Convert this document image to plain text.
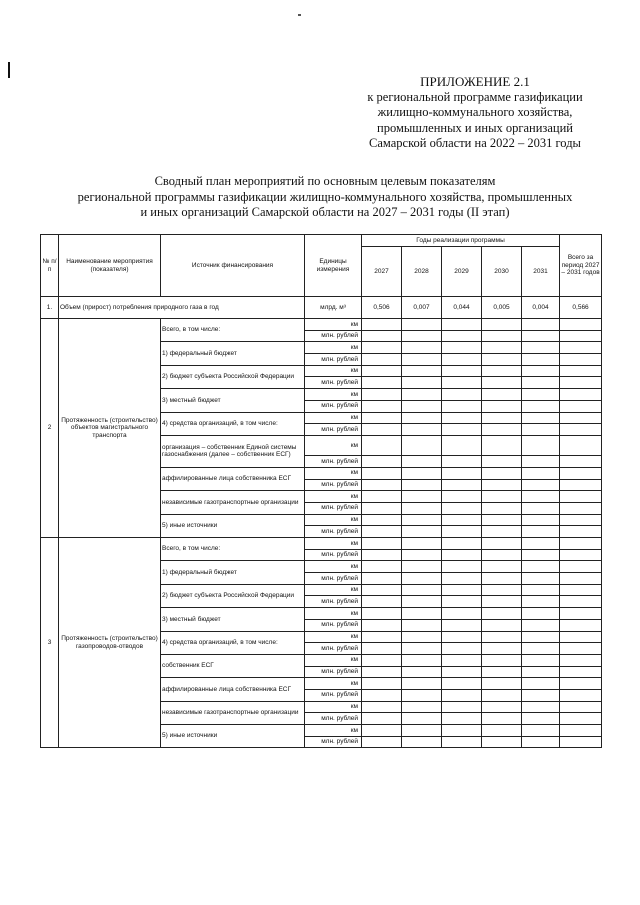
ПРИЛОЖЕНИЕ 2.1
к региональной программе газификации
жилищно-коммунального хозяйства,
промышленных и иных организаций
Самарской области на 2022 – 2031 годы
Сводный план мероприятий по основным целевым показателям
региональной программы газификации жилищно-коммунального хозяйства, промышленных
и иных организаций Самарской области на 2027 – 2031 годы (II этап)
№ п/п	Наименование мероприятия (показателя)	Источник финансирования	Единицы измерения	Годы реализации программы					Всего за период 2027 – 2031 годов
				2027	2028	2029	2030	2031	
1.	Объем (прирост) потребления природного газа в год		млрд. м³	0,506	0,007	0,044	0,005	0,004	0,566
2	Протяженность (строительство) объектов магистрального транспорта	Всего, в том числе:	км						
			млн. рублей						
		1) федеральный бюджет	км						
			млн. рублей						
		2) бюджет субъекта Российской Федерации	км						
			млн. рублей						
		3) местный бюджет	км						
			млн. рублей						
		4) средства организаций, в том числе:	км						
			млн. рублей						
		организация – собственник Единой системы газоснабжения (далее – собственник ЕСГ)	км						
			млн. рублей						
		аффилированные лица собственника ЕСГ	км						
			млн. рублей						
		независимые газотранспортные организации	км						
			млн. рублей						
		5) иные источники	км						
			млн. рублей						
3	Протяженность (строительство) газопроводов-отводов	Всего, в том числе:	км						
			млн. рублей						
		1) федеральный бюджет	км						
			млн. рублей						
		2) бюджет субъекта Российской Федерации	км						
			млн. рублей						
		3) местный бюджет	км						
			млн. рублей						
		4) средства организаций, в том числе:	км						
			млн. рублей						
		собственник ЕСГ	км						
			млн. рублей						
		аффилированные лица собственника ЕСГ	км						
			млн. рублей						
		независимые газотранспортные организации	км						
			млн. рублей						
		5) иные источники	км						
			млн. рублей						
